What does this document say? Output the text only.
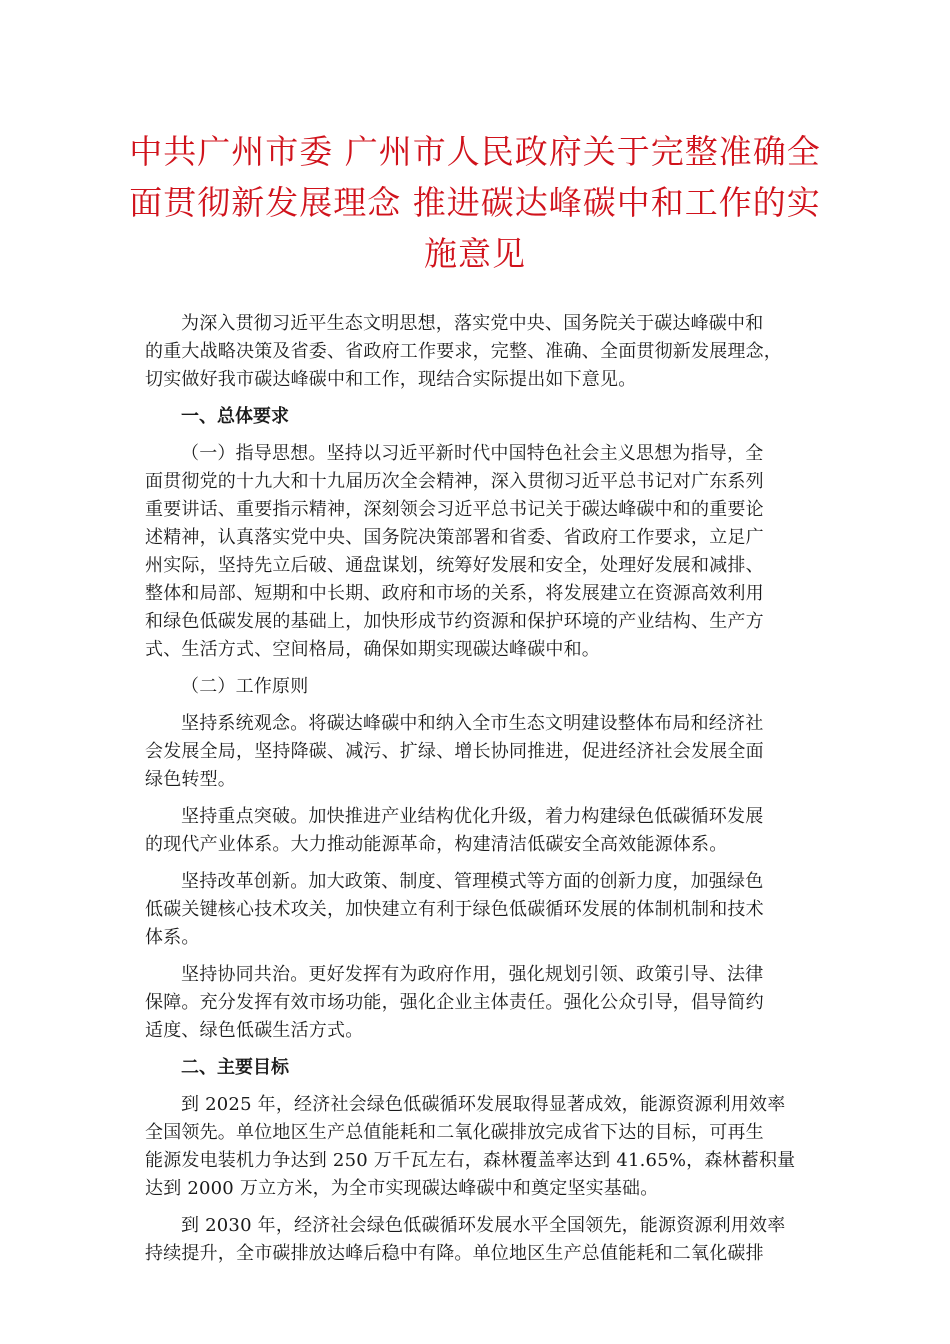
中共广州市委 广州市人民政府关于完整准确全
面贯彻新发展理念 推进碳达峰碳中和工作的实
施意见
为深入贯彻习近平生态文明思想，落实党中央、国务院关于碳达峰碳中和
的重大战略决策及省委、省政府工作要求，完整、准确、全面贯彻新发展理念，
切实做好我市碳达峰碳中和工作，现结合实际提出如下意见。
一、总体要求
（一）指导思想。坚持以习近平新时代中国特色社会主义思想为指导，全
面贯彻党的十九大和十九届历次全会精神，深入贯彻习近平总书记对广东系列
重要讲话、重要指示精神，深刻领会习近平总书记关于碳达峰碳中和的重要论
述精神，认真落实党中央、国务院决策部署和省委、省政府工作要求，立足广
州实际，坚持先立后破、通盘谋划，统筹好发展和安全，处理好发展和减排、
整体和局部、短期和中长期、政府和市场的关系，将发展建立在资源高效利用
和绿色低碳发展的基础上，加快形成节约资源和保护环境的产业结构、生产方
式、生活方式、空间格局，确保如期实现碳达峰碳中和。
（二）工作原则
坚持系统观念。将碳达峰碳中和纳入全市生态文明建设整体布局和经济社
会发展全局，坚持降碳、减污、扩绿、增长协同推进，促进经济社会发展全面
绿色转型。
坚持重点突破。加快推进产业结构优化升级，着力构建绿色低碳循环发展
的现代产业体系。大力推动能源革命，构建清洁低碳安全高效能源体系。
坚持改革创新。加大政策、制度、管理模式等方面的创新力度，加强绿色
低碳关键核心技术攻关，加快建立有利于绿色低碳循环发展的体制机制和技术
体系。
坚持协同共治。更好发挥有为政府作用，强化规划引领、政策引导、法律
保障。充分发挥有效市场功能，强化企业主体责任。强化公众引导，倡导简约
适度、绿色低碳生活方式。
二、主要目标
到 2025 年，经济社会绿色低碳循环发展取得显著成效，能源资源利用效率
全国领先。单位地区生产总值能耗和二氧化碳排放完成省下达的目标，可再生
能源发电装机力争达到 250 万千瓦左右，森林覆盖率达到 41.65%，森林蓄积量
达到 2000 万立方米，为全市实现碳达峰碳中和奠定坚实基础。
到 2030 年，经济社会绿色低碳循环发展水平全国领先，能源资源利用效率
持续提升，全市碳排放达峰后稳中有降。单位地区生产总值能耗和二氧化碳排
